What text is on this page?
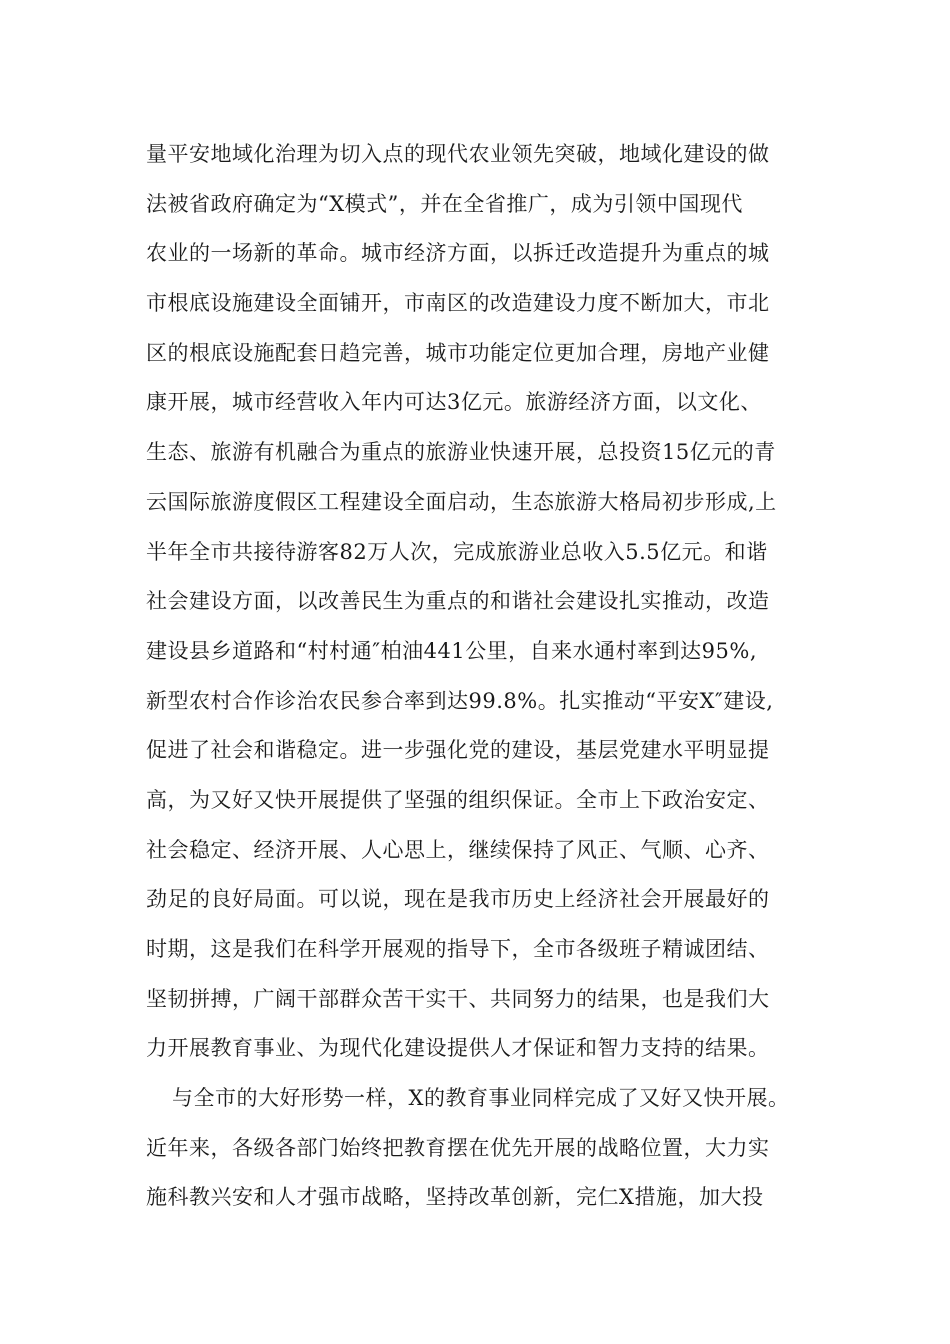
量平安地域化治理为切入点的现代农业领先突破，地域化建设的做
法被省政府确定为“X模式”，并在全省推广，成为引领中国现代
农业的一场新的革命。城市经济方面，以拆迁改造提升为重点的城
市根底设施建设全面铺开，市南区的改造建设力度不断加大，市北
区的根底设施配套日趋完善，城市功能定位更加合理，房地产业健
康开展，城市经营收入年内可达3亿元。旅游经济方面，以文化、
生态、旅游有机融合为重点的旅游业快速开展，总投资15亿元的青
云国际旅游度假区工程建设全面启动，生态旅游大格局初步形成,上
半年全市共接待游客82万人次，完成旅游业总收入5.5亿元。和谐
社会建设方面，以改善民生为重点的和谐社会建设扎实推动，改造
建设县乡道路和“村村通″柏油441公里，自来水通村率到达95%,
新型农村合作诊治农民参合率到达99.8%。扎实推动“平安X″建设,
促进了社会和谐稳定。进一步强化党的建设，基层党建水平明显提
高，为又好又快开展提供了坚强的组织保证。全市上下政治安定、
社会稳定、经济开展、人心思上，继续保持了风正、气顺、心齐、
劲足的良好局面。可以说，现在是我市历史上经济社会开展最好的
时期，这是我们在科学开展观的指导下，全市各级班子精诚团结、
坚韧拼搏，广阔干部群众苦干实干、共同努力的结果，也是我们大
力开展教育事业、为现代化建设提供人才保证和智力支持的结果。
与全市的大好形势一样，X的教育事业同样完成了又好又快开展。
近年来，各级各部门始终把教育摆在优先开展的战略位置，大力实
施科教兴安和人才强市战略，坚持改革创新，完仁X措施，加大投
